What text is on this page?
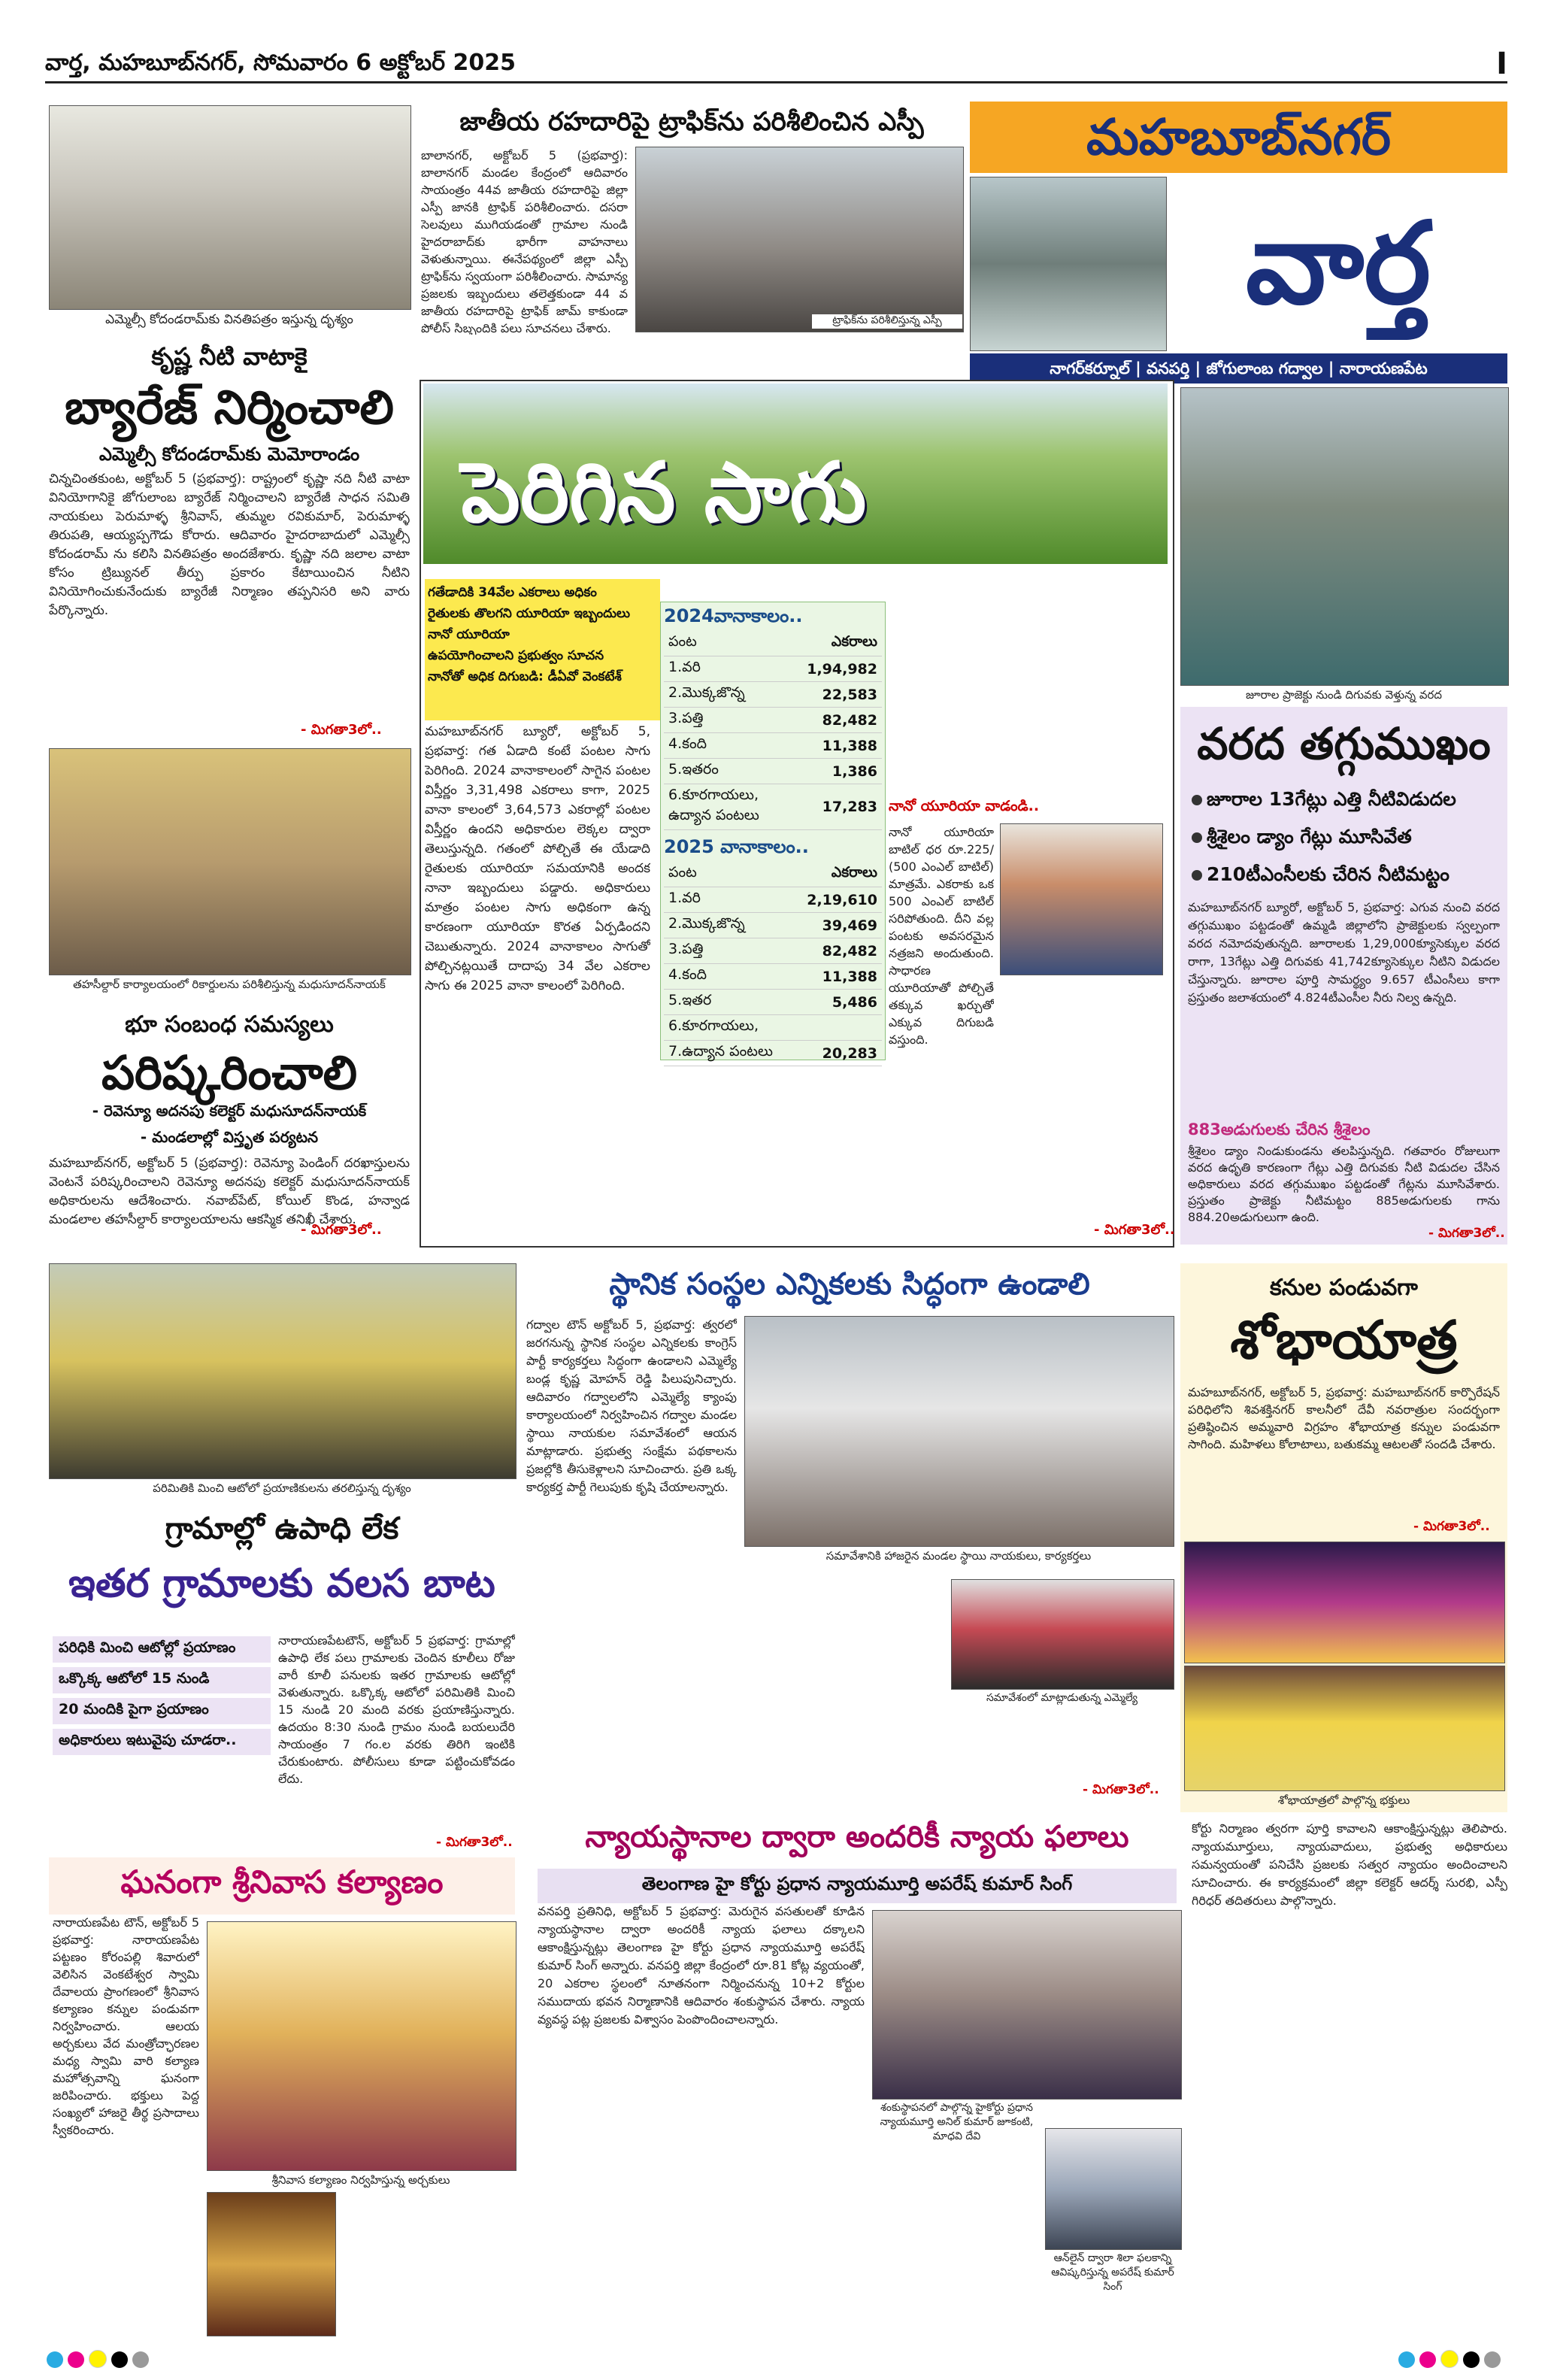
వార్త, మహబూబ్‌నగర్, సోమవారం 6 అక్టోబర్ 2025	I
ఎమ్మెల్సీ కోదండరామ్‌కు వినతిపత్రం ఇస్తున్న దృశ్యం
కృష్ణ నీటి వాటాకై
బ్యారేజ్ నిర్మించాలి
ఎమ్మెల్సీ కోదండరామ్‌కు మెమోరాండం
చిన్నచింతకుంట, అక్టోబర్ 5 (ప్రభవార్త): రాష్ట్రంలో కృష్ణా నది నీటి వాటా వినియోగానికై జోగులాంబ బ్యారేజ్ నిర్మించాలని బ్యారేజీ సాధన సమితి నాయకులు పెరుమాళ్ళ శ్రీనివాస్, తుమ్మల రవికుమార్, పెరుమాళ్ళ తిరుపతి, ఆయ్యప్పగౌడు కోరారు. ఆదివారం హైదరాబాదులో ఎమ్మెల్సీ కోదండరామ్ ను కలిసి వినతిపత్రం అందజేశారు. కృష్ణా నది జలాల వాటా కోసం ట్రిబ్యునల్ తీర్పు ప్రకారం కేటాయించిన నీటిని వినియోగించుకునేందుకు బ్యారేజీ నిర్మాణం తప్పనిసరి అని వారు పేర్కొన్నారు.
- మిగతా3లో..
తహసీల్దార్ కార్యాలయంలో రికార్డులను పరిశీలిస్తున్న మధుసూదన్‌నాయక్
భూ సంబంధ సమస్యలు
పరిష్కరించాలి
- రెవెన్యూ అదనపు కలెక్టర్ మధుసూదన్‌నాయక్
- మండలాల్లో విస్తృత పర్యటన
మహబూబ్‌నగర్, అక్టోబర్ 5 (ప్రభవార్త): రెవెన్యూ పెండింగ్ దరఖాస్తులను వెంటనే పరిష్కరించాలని రెవెన్యూ అదనపు కలెక్టర్ మధుసూదన్‌నాయక్ అధికారులను ఆదేశించారు. నవాబ్‌పేట్, కోయిల్ కొండ, హన్వాడ మండలాల తహసీల్దార్ కార్యాలయాలను ఆకస్మిక తనిఖీ చేశారు.
- మిగతా3లో..
జాతీయ రహదారిపై ట్రాఫిక్‌ను పరిశీలించిన ఎస్పీ
బాలానగర్, అక్టోబర్ 5 (ప్రభవార్త): బాలానగర్ మండల కేంద్రంలో ఆదివారం సాయంత్రం 44వ జాతీయ రహదారిపై జిల్లా ఎస్పీ జానకి ట్రాఫిక్ పరిశీలించారు. దసరా సెలవులు ముగియడంతో గ్రామాల నుండి హైదరాబాద్‌కు భారీగా వాహనాలు వెళుతున్నాయి. ఈనేపథ్యంలో జిల్లా ఎస్పీ ట్రాఫిక్‌ను స్వయంగా పరిశీలించారు. సామాన్య ప్రజలకు ఇబ్బందులు తలెత్తకుండా 44 వ జాతీయ రహదారిపై ట్రాఫిక్ జామ్ కాకుండా పోలీస్ సిబ్బందికి పలు సూచనలు చేశారు.
ట్రాఫిక్‌ను పరిశీలిస్తున్న ఎస్పీ
మహబూబ్‌నగర్
వార్త
నాగర్‌కర్నూల్ | వనపర్తి | జోగులాంబ గద్వాల | నారాయణపేట
పెరిగిన సాగు
గతేడాదికి 34వేల ఎకరాలు అధికం
రైతులకు తొలగని యూరియా ఇబ్బందులు
నానో యూరియా
ఉపయోగించాలని ప్రభుత్వం సూచన
నానోతో అధిక దిగుబడి: డీఏవో వెంకటేశ్
మహబూబ్‌నగర్ బ్యూరో, అక్టోబర్ 5, ప్రభవార్త: గత ఏడాది కంటే పంటల సాగు పెరిగింది. 2024 వానాకాలంలో సాగైన పంటల విస్తీర్ణం 3,31,498 ఎకరాలు కాగా, 2025 వానా కాలంలో 3,64,573 ఎకరాల్లో పంటల విస్తీర్ణం ఉందని అధికారుల లెక్కల ద్వారా తెలుస్తున్నది. గతంలో పోల్చితే ఈ యేడాది రైతులకు యూరియా సమయానికి అందక నానా ఇబ్బందులు పడ్డారు. అధికారులు మాత్రం పంటల సాగు అధికంగా ఉన్న కారణంగా యూరియా కొరత ఏర్పడిందని చెబుతున్నారు. 2024 వానాకాలం సాగుతో పోల్చినట్లయితే దాదాపు 34 వేల ఎకరాల సాగు ఈ 2025 వానా కాలంలో పెరిగింది.
2024వానాకాలం..
పంట	ఎకరాలు
1.వరి	1,94,982
2.మొక్కజొన్న	22,583
3.పత్తి	82,482
4.కంది	11,388
5.ఇతరం	1,386
6.కూరగాయలు, ఉద్యాన పంటలు	17,283
2025 వానాకాలం..
పంట	ఎకరాలు
1.వరి	2,19,610
2.మొక్కజొన్న	39,469
3.పత్తి	82,482
4.కంది	11,388
5.ఇతర	5,486
6.కూరగాయలు,	
7.ఉద్యాన పంటలు	20,283
నానో యూరియా వాడండి..
నానో యూరియా బాటిల్ ధర రూ.225/ (500 ఎంఎల్ బాటిల్) మాత్రమే. ఎకరాకు ఒక 500 ఎంఎల్ బాటిల్ సరిపోతుంది. దీని వల్ల పంటకు అవసరమైన నత్రజని అందుతుంది. సాధారణ యూరియాతో పోల్చితే తక్కువ ఖర్చుతో ఎక్కువ దిగుబడి వస్తుంది.
- మిగతా3లో..
జూరాల ప్రాజెక్టు నుండి దిగువకు వెళ్తున్న వరద
వరద తగ్గుముఖం
జూరాల 13గేట్లు ఎత్తి నీటివిడుదల
శ్రీశైలం డ్యాం గేట్లు మూసివేత
210టీఎంసీలకు చేరిన నీటిమట్టం
మహబూబ్‌నగర్ బ్యూరో, అక్టోబర్ 5, ప్రభవార్త: ఎగువ నుంచి వరద తగ్గుముఖం పట్టడంతో ఉమ్మడి జిల్లాలోని ప్రాజెక్టులకు స్వల్పంగా వరద నమోదవుతున్నది. జూరాలకు 1,29,000క్యూసెక్కుల వరద రాగా, 13గేట్లు ఎత్తి దిగువకు 41,742క్యూసెక్కుల నీటిని విడుదల చేస్తున్నారు. జూరాల పూర్తి సామర్థ్యం 9.657 టీఎంసీలు కాగా ప్రస్తుతం జలాశయంలో 4.824టీఎంసీల నీరు నిల్వ ఉన్నది.
883అడుగులకు చేరిన శ్రీశైలం
శ్రీశైలం డ్యాం నిండుకుండను తలపిస్తున్నది. గతవారం రోజులుగా వరద ఉధృతి కారణంగా గేట్లు ఎత్తి దిగువకు నీటి విడుదల చేసిన అధికారులు వరద తగ్గుముఖం పట్టడంతో గేట్లను మూసివేశారు. ప్రస్తుతం ప్రాజెక్టు నీటిమట్టం 885అడుగులకు గాను 884.20అడుగులుగా ఉంది.
- మిగతా3లో..
పరిమితికి మించి ఆటోలో ప్రయాణికులను తరలిస్తున్న దృశ్యం
గ్రామాల్లో ఉపాధి లేక
ఇతర గ్రామాలకు వలస బాట
పరిధికి మించి ఆటోల్లో ప్రయాణం
ఒక్కొక్క ఆటోలో 15 నుండి
20 మందికి పైగా ప్రయాణం
అధికారులు ఇటువైపు చూడరా..
నారాయణపేటటౌన్, అక్టోబర్ 5 ప్రభవార్త: గ్రామాల్లో ఉపాధి లేక పలు గ్రామాలకు చెందిన కూలీలు రోజు వారీ కూలీ పనులకు ఇతర గ్రామాలకు ఆటోల్లో వెళుతున్నారు. ఒక్కొక్క ఆటోలో పరిమితికి మించి 15 నుండి 20 మంది వరకు ప్రయాణిస్తున్నారు. ఉదయం 8:30 నుండి గ్రామం నుండి బయలుదేరి సాయంత్రం 7 గం.ల వరకు తిరిగి ఇంటికి చేరుకుంటారు. పోలీసులు కూడా పట్టించుకోవడం లేదు.
- మిగతా3లో..
ఘనంగా శ్రీనివాస కల్యాణం
నారాయణపేట టౌన్, అక్టోబర్ 5 ప్రభవార్త: నారాయణపేట పట్టణం కోరంపల్లి శివారులో వెలిసిన వెంకటేశ్వర స్వామి దేవాలయ ప్రాంగణంలో శ్రీనివాస కల్యాణం కన్నుల పండువగా నిర్వహించారు. ఆలయ అర్చకులు వేద మంత్రోచ్ఛారణల మధ్య స్వామి వారి కల్యాణ మహోత్సవాన్ని ఘనంగా జరిపించారు. భక్తులు పెద్ద సంఖ్యలో హాజరై తీర్థ ప్రసాదాలు స్వీకరించారు.
శ్రీనివాస కల్యాణం నిర్వహిస్తున్న అర్చకులు
స్థానిక సంస్థల ఎన్నికలకు సిద్ధంగా ఉండాలి
గద్వాల టౌన్ అక్టోబర్ 5, ప్రభవార్త: త్వరలో జరగనున్న స్థానిక సంస్థల ఎన్నికలకు కాంగ్రెస్ పార్టీ కార్యకర్తలు సిద్ధంగా ఉండాలని ఎమ్మెల్యే బండ్ల కృష్ణ మోహన్ రెడ్డి పిలుపునిచ్చారు. ఆదివారం గద్వాలలోని ఎమ్మెల్యే క్యాంపు కార్యాలయంలో నిర్వహించిన గద్వాల మండల స్థాయి నాయకుల సమావేశంలో ఆయన మాట్లాడారు. ప్రభుత్వ సంక్షేమ పథకాలను ప్రజల్లోకి తీసుకెళ్లాలని సూచించారు. ప్రతి ఒక్క కార్యకర్త పార్టీ గెలుపుకు కృషి చేయాలన్నారు.
సమావేశానికి హాజరైన మండల స్థాయి నాయకులు, కార్యకర్తలు
సమావేశంలో మాట్లాడుతున్న ఎమ్మెల్యే
- మిగతా3లో..
కనుల పండువగా
శోభాయాత్ర
మహబూబ్‌నగర్, అక్టోబర్ 5, ప్రభవార్త: మహబూబ్‌నగర్ కార్పొరేషన్ పరిధిలోని శివశక్తినగర్ కాలనీలో దేవీ నవరాత్రుల సందర్భంగా ప్రతిష్ఠించిన అమ్మవారి విగ్రహం శోభాయాత్ర కన్నుల పండువగా సాగింది. మహిళలు కోలాటాలు, బతుకమ్మ ఆటలతో సందడి చేశారు.
- మిగతా3లో..
శోభాయాత్రలో పాల్గొన్న భక్తులు
న్యాయస్థానాల ద్వారా అందరికీ న్యాయ ఫలాలు
తెలంగాణ హై కోర్టు ప్రధాన న్యాయమూర్తి అపరేష్ కుమార్ సింగ్
వనపర్తి ప్రతినిధి, అక్టోబర్ 5 ప్రభవార్త: మెరుగైన వసతులతో కూడిన న్యాయస్థానాల ద్వారా అందరికీ న్యాయ ఫలాలు దక్కాలని ఆకాంక్షిస్తున్నట్లు తెలంగాణ హై కోర్టు ప్రధాన న్యాయమూర్తి అపరేష్ కుమార్ సింగ్ అన్నారు. వనపర్తి జిల్లా కేంద్రంలో రూ.81 కోట్ల వ్యయంతో, 20 ఎకరాల స్థలంలో నూతనంగా నిర్మించనున్న 10+2 కోర్టుల సముదాయ భవన నిర్మాణానికి ఆదివారం శంకుస్థాపన చేశారు. న్యాయ వ్యవస్థ పట్ల ప్రజలకు విశ్వాసం పెంపొందించాలన్నారు.
శంకుస్థాపనలో పాల్గొన్న హైకోర్టు ప్రధాన న్యాయమూర్తి అనిల్ కుమార్ జూకంటి, మాధవి దేవి
ఆన్‌లైన్ ద్వారా శిలా ఫలకాన్ని ఆవిష్కరిస్తున్న అపరేష్ కుమార్ సింగ్
కోర్టు నిర్మాణం త్వరగా పూర్తి కావాలని ఆకాంక్షిస్తున్నట్లు తెలిపారు. న్యాయమూర్తులు, న్యాయవాదులు, ప్రభుత్వ అధికారులు సమన్వయంతో పనిచేసి ప్రజలకు సత్వర న్యాయం అందించాలని సూచించారు. ఈ కార్యక్రమంలో జిల్లా కలెక్టర్ ఆదర్శ్ సురభి, ఎస్పీ గిరిధర్ తదితరులు పాల్గొన్నారు.
